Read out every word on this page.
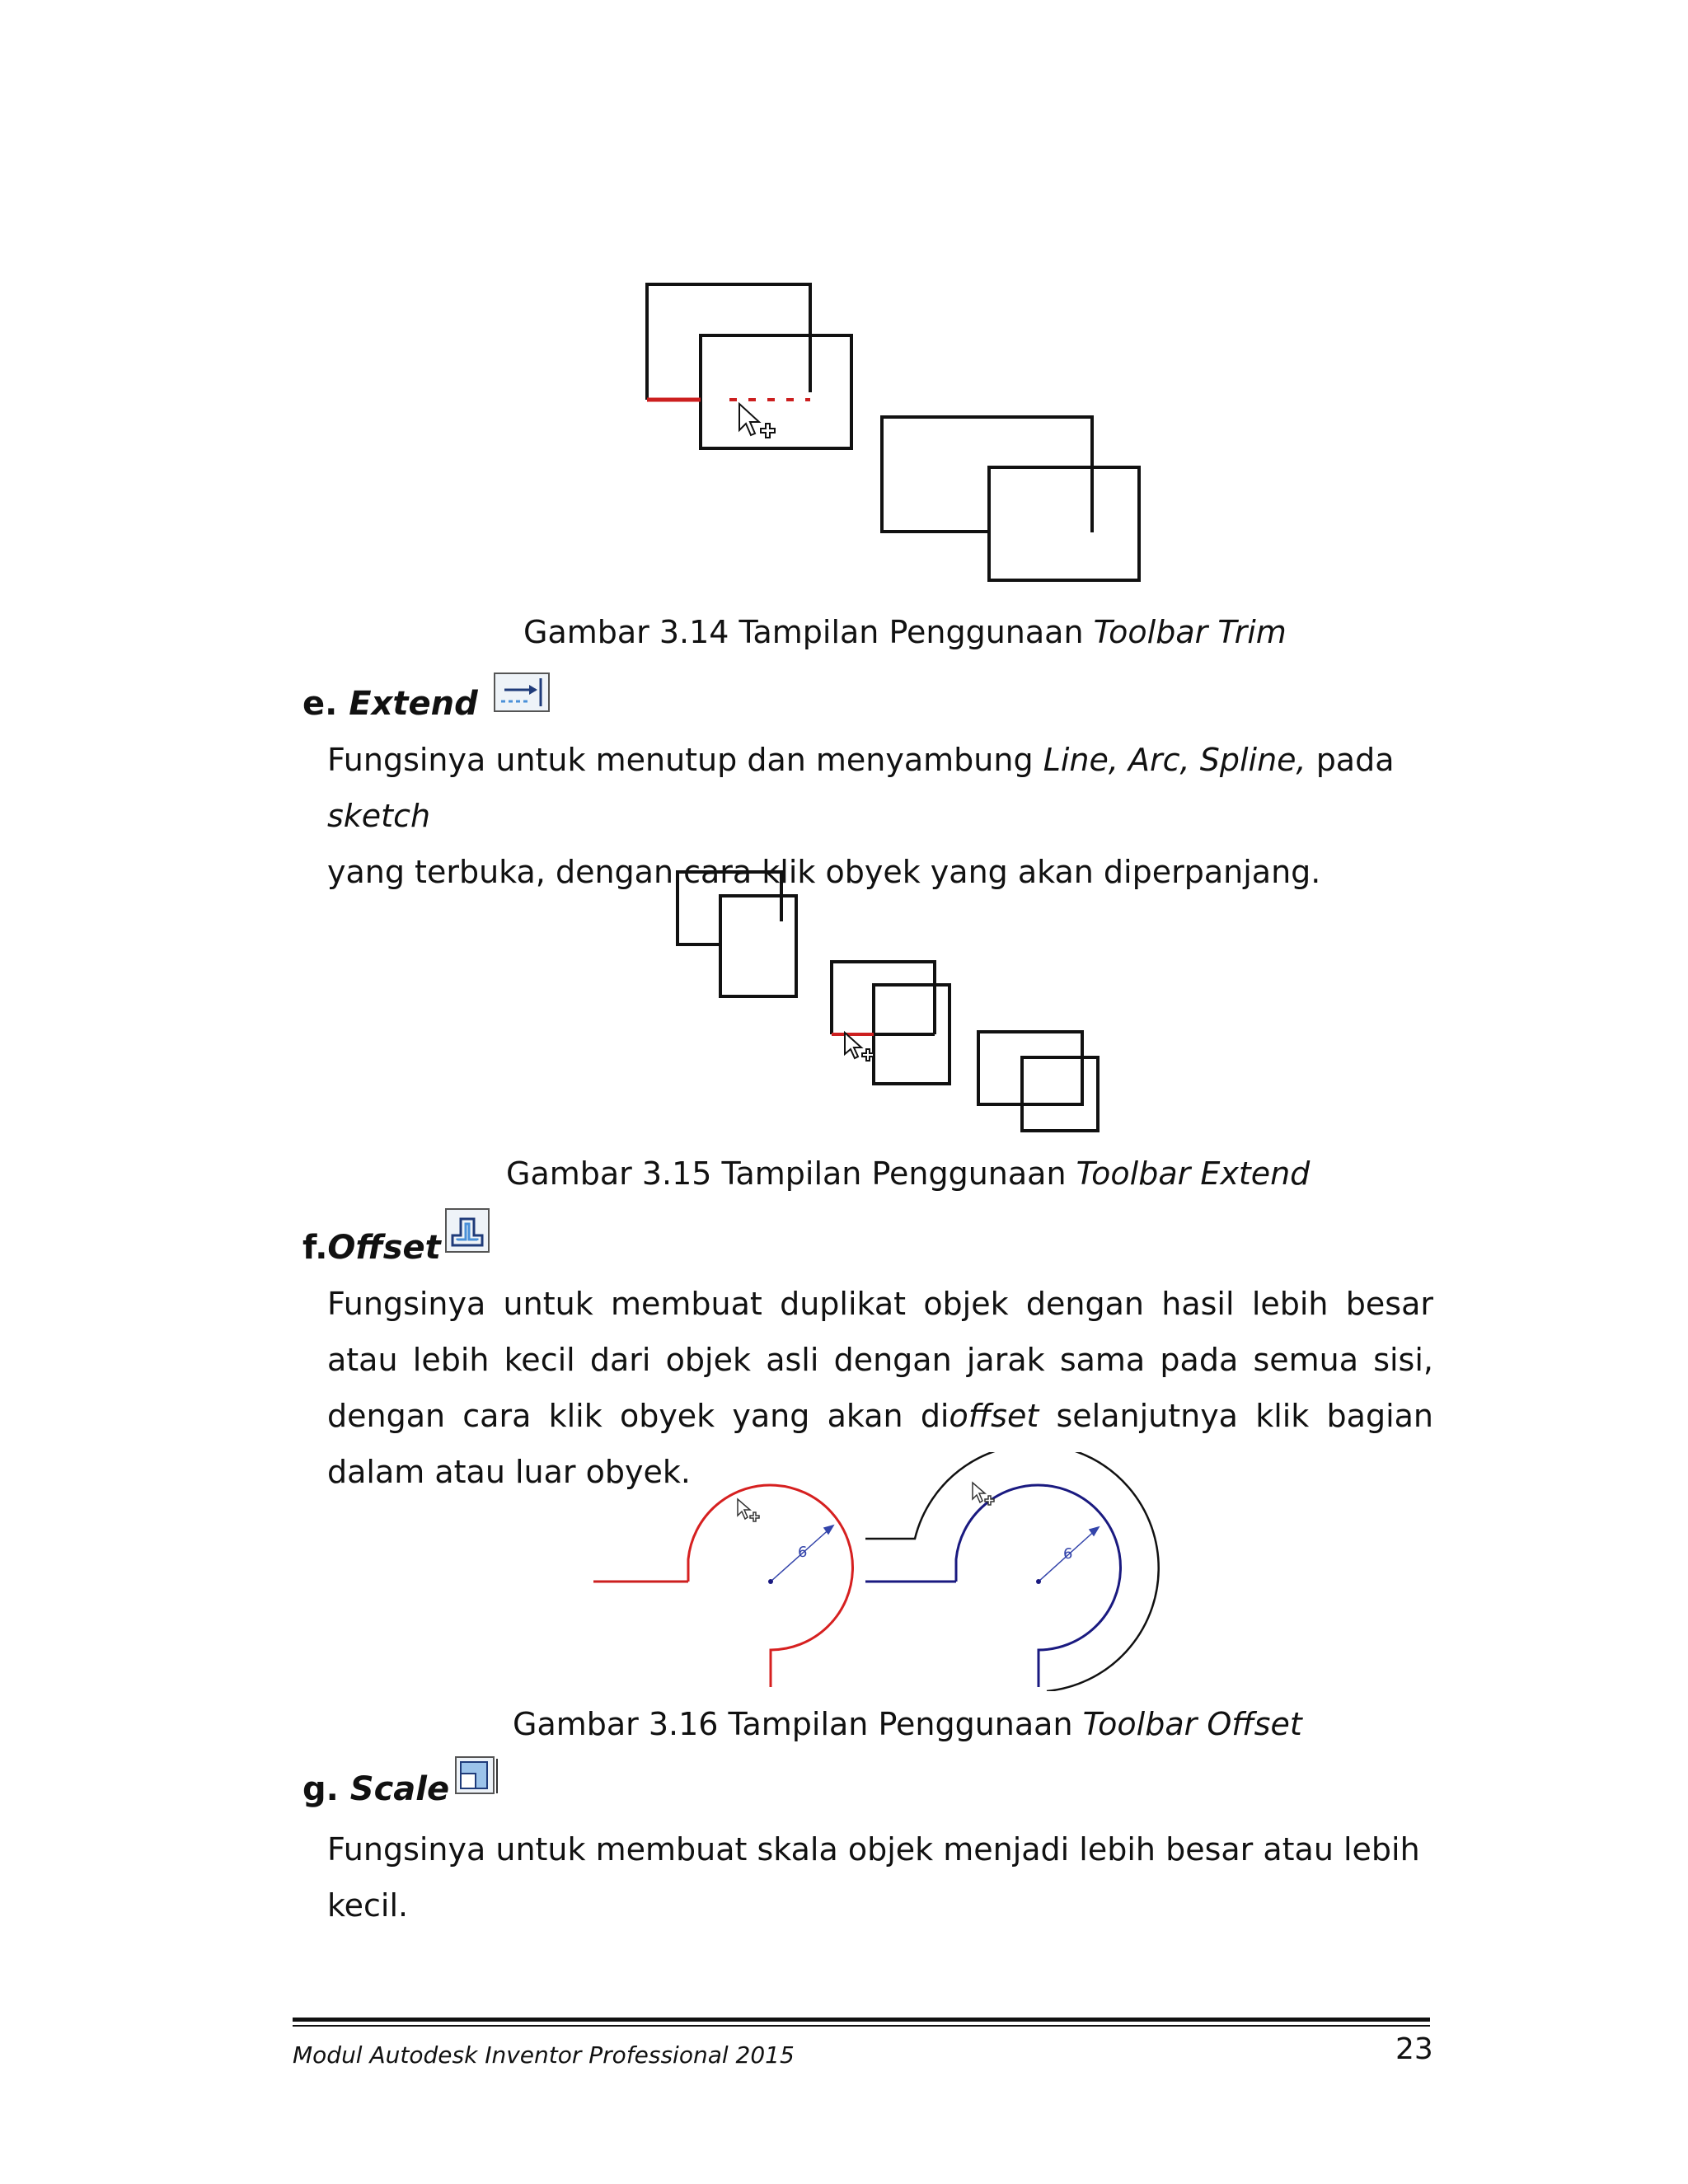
Gambar 3.14 Tampilan Penggunaan Toolbar Trim
e.
Extend
Fungsinya untuk menutup dan menyambung Line, Arc, Spline, pada sketch
yang terbuka, dengan cara klik obyek yang akan diperpanjang.
Gambar 3.15 Tampilan Penggunaan Toolbar Extend
f. Offset
Fungsinya untuk membuat duplikat objek dengan hasil lebih besar atau lebih kecil dari objek asli dengan jarak sama pada semua sisi, dengan cara klik obyek yang akan dioffset selanjutnya klik bagian dalam atau luar obyek.
6	6
Gambar 3.16 Tampilan Penggunaan Toolbar Offset
g.
Scale
Fungsinya untuk membuat skala objek menjadi lebih besar atau lebih kecil.
Modul Autodesk Inventor Professional 2015	23
